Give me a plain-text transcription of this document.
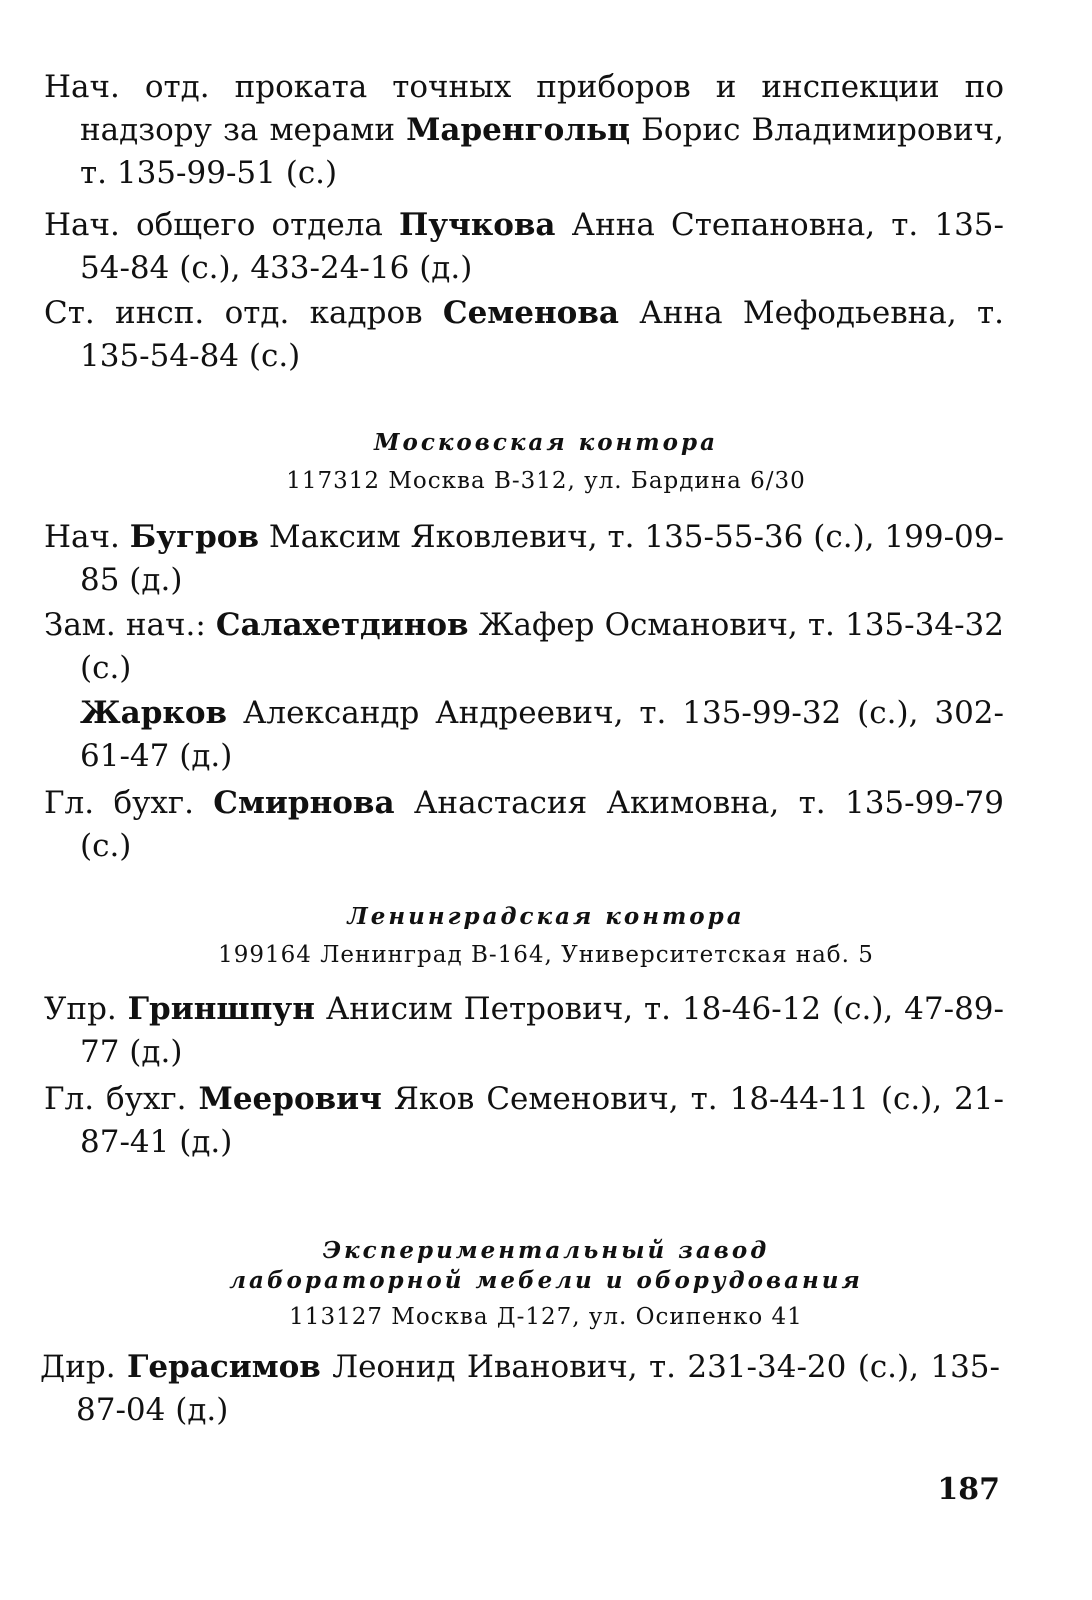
Нач. отд. проката точных приборов и инспекции по надзору за мерами Маренгольц Борис Владимирович, т. 135-99-51 (с.)
Нач. общего отдела Пучкова Анна Степановна, т. 135-54-84 (с.), 433-24-16 (д.)
Ст. инсп. отд. кадров Семенова Анна Мефодьевна, т. 135-54-84 (с.)
Московская контора
117312 Москва В-312, ул. Бардина 6/30
Нач. Бугров Максим Яковлевич, т. 135-55-36 (с.), 199-09-85 (д.)
Зам. нач.: Салахетдинов Жафер Османович, т. 135-34-32 (с.)
Жарков Александр Андреевич, т. 135-99-32 (с.), 302-61-47 (д.)
Гл. бухг. Смирнова Анастасия Акимовна, т. 135-99-79 (с.)
Ленинградская контора
199164 Ленинград В-164, Университетская наб. 5
Упр. Гриншпун Анисим Петрович, т. 18-46-12 (с.), 47-89-77 (д.)
Гл. бухг. Меерович Яков Семенович, т. 18-44-11 (с.), 21-87-41 (д.)
Экспериментальный завод
лабораторной мебели и оборудования
113127 Москва Д-127, ул. Осипенко 41
Дир. Герасимов Леонид Иванович, т. 231-34-20 (с.), 135-87-04 (д.)
187
